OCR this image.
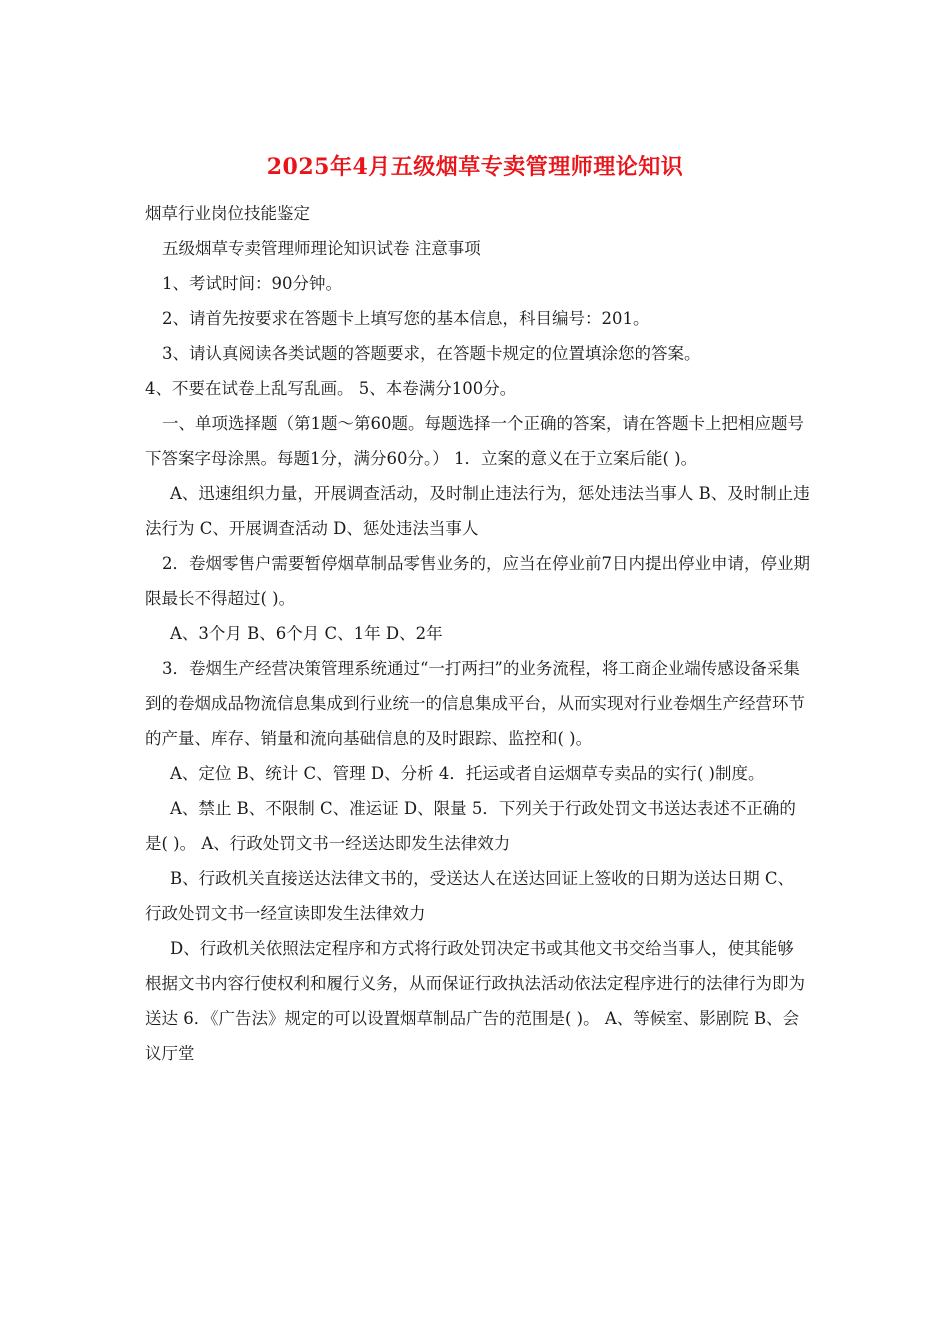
2025年4月五级烟草专卖管理师理论知识

烟草行业岗位技能鉴定

五级烟草专卖管理师理论知识试卷 注意事项

1、考试时间：90分钟。

2、请首先按要求在答题卡上填写您的基本信息，科目编号：201。

3、请认真阅读各类试题的答题要求，在答题卡规定的位置填涂您的答案。

4、不要在试卷上乱写乱画。 5、本卷满分100分。

一、单项选择题（第1题～第60题。每题选择一个正确的答案，请在答题卡上把相应题号下答案字母涂黑。每题1分，满分60分。） 1．立案的意义在于立案后能( )。

A、迅速组织力量，开展调查活动，及时制止违法行为，惩处违法当事人 B、及时制止违法行为 C、开展调查活动 D、惩处违法当事人

2．卷烟零售户需要暂停烟草制品零售业务的，应当在停业前7日内提出停业申请，停业期限最长不得超过( )。

A、3个月 B、6个月 C、1年 D、2年

3．卷烟生产经营决策管理系统通过“一打两扫”的业务流程，将工商企业端传感设备采集到的卷烟成品物流信息集成到行业统一的信息集成平台，从而实现对行业卷烟生产经营环节的产量、库存、销量和流向基础信息的及时跟踪、监控和( )。

A、定位 B、统计 C、管理 D、分析 4．托运或者自运烟草专卖品的实行( )制度。

A、禁止 B、不限制 C、准运证 D、限量 5．下列关于行政处罚文书送达表述不正确的是( )。 A、行政处罚文书一经送达即发生法律效力

B、行政机关直接送达法律文书的，受送达人在送达回证上签收的日期为送达日期 C、行政处罚文书一经宣读即发生法律效力

D、行政机关依照法定程序和方式将行政处罚决定书或其他文书交给当事人，使其能够根据文书内容行使权利和履行义务，从而保证行政执法活动依法定程序进行的法律行为即为送达 6．《广告法》规定的可以设置烟草制品广告的范围是( )。 A、等候室、影剧院 B、会议厅堂
